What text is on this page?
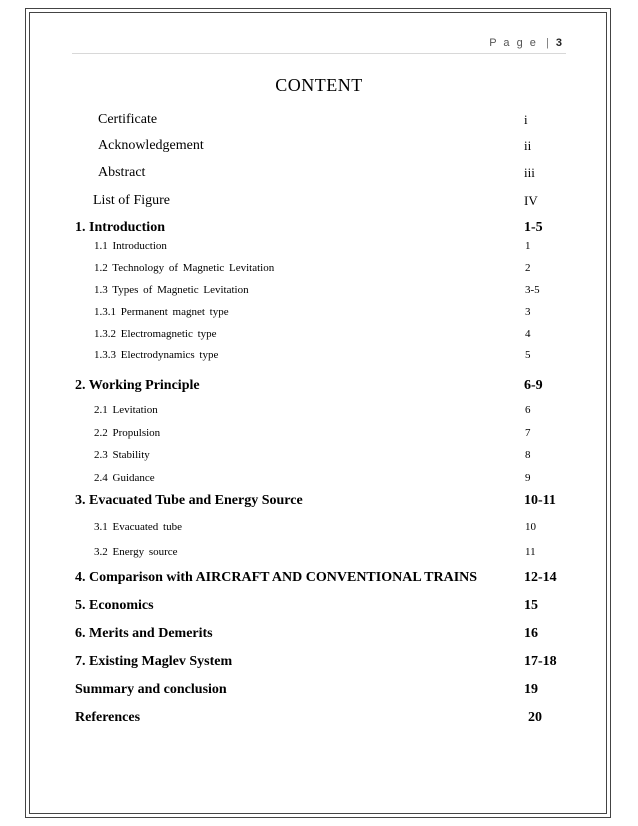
P a g e | 3
CONTENT
Certificate	i
Acknowledgement	ii
Abstract	iii
List of Figure	IV
1. Introduction	1-5
1.1 Introduction	1
1.2 Technology of Magnetic Levitation	2
1.3 Types of Magnetic Levitation	3-5
1.3.1 Permanent magnet type	3
1.3.2 Electromagnetic type	4
1.3.3 Electrodynamics type	5
2. Working Principle	6-9
2.1 Levitation	6
2.2 Propulsion	7
2.3 Stability	8
2.4 Guidance	9
3. Evacuated Tube and Energy Source	10-11
3.1 Evacuated tube	10
3.2 Energy source	11
4. Comparison with AIRCRAFT AND CONVENTIONAL TRAINS	12-14
5. Economics	15
6. Merits and Demerits	16
7. Existing Maglev System	17-18
Summary and conclusion	19
References	20
